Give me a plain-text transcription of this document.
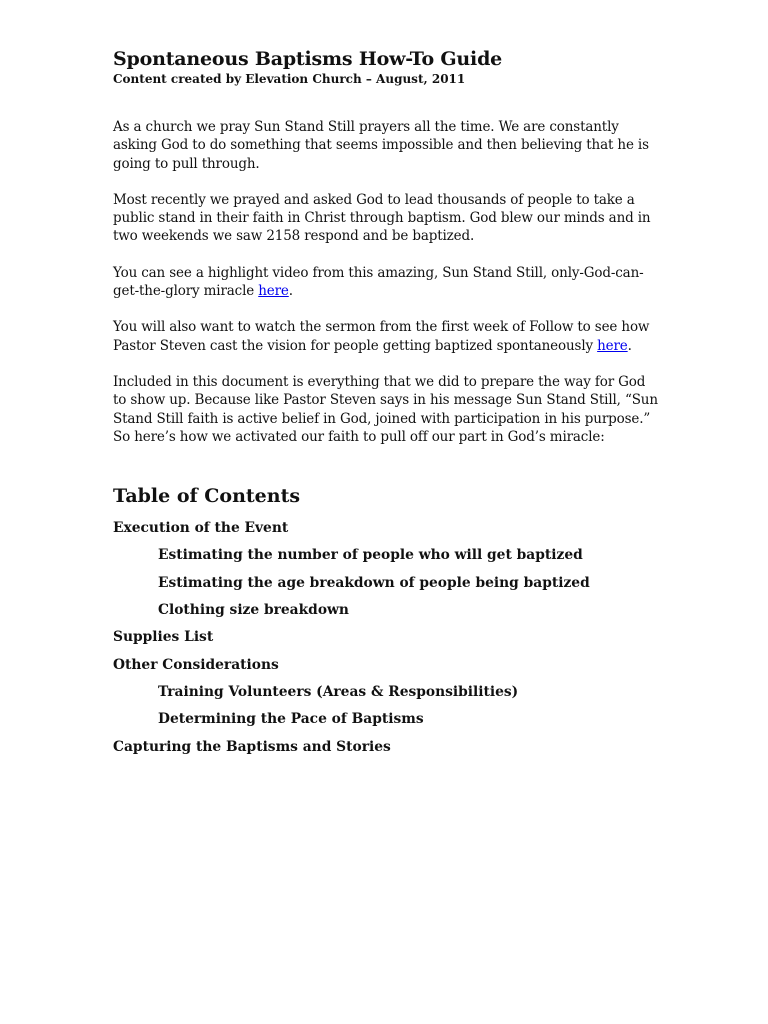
Spontaneous Baptisms How-To Guide

Content created by Elevation Church – August, 2011

As a church we pray Sun Stand Still prayers all the time. We are constantly asking God to do something that seems impossible and then believing that he is going to pull through.

Most recently we prayed and asked God to lead thousands of people to take a public stand in their faith in Christ through baptism. God blew our minds and in two weekends we saw 2158 respond and be baptized.

You can see a highlight video from this amazing, Sun Stand Still, only-God-can-get-the-glory miracle here.

You will also want to watch the sermon from the first week of Follow to see how Pastor Steven cast the vision for people getting baptized spontaneously here.

Included in this document is everything that we did to prepare the way for God to show up. Because like Pastor Steven says in his message Sun Stand Still, “Sun Stand Still faith is active belief in God, joined with participation in his purpose.” So here’s how we activated our faith to pull off our part in God’s miracle:

Table of Contents
Execution of the Event
Estimating the number of people who will get baptized
Estimating the age breakdown of people being baptized
Clothing size breakdown
Supplies List
Other Considerations
Training Volunteers (Areas & Responsibilities)
Determining the Pace of Baptisms
Capturing the Baptisms and Stories
